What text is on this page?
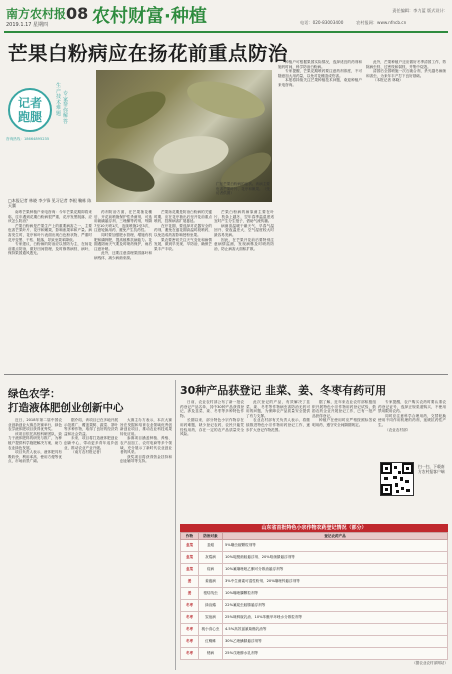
南方农村报
2019.1.17 星期四
08 农村财富·种植	责任编辑：李力蓝 版式设计：
电话：020-83003400	农村报网：www.nfncb.cn
芒果白粉病应在扬花前重点防治
记者
跑腿
生产技术难题
专家帮你解答
咨询热线：18664895235
广东芒果白粉病的症状。该病主要危害芒果叶片、花序和嫩果。（受访者供图）
□本报记者 林晓 李少锋 见习记者 李根 鞠栋 陈天翼

南粤芒果种植户来电咨询：今年芒果花期即将来临，往年遇到花期白粉病很严重，花序发黑脱落，应该怎么防治？

芒果白粉病是芒果生产上的重要病害之一，主要危害芒果叶片、花序和嫩果，影响座果率和产量。病害发生时，花序和叶片表面出现白色粉状物，严重时花序变黑、干枯、脱落，导致坐果率降低。

专家建议，白粉病的防治应以预防为主，在扬花前重点防治，做好田间管理，及时修剪病枝、病叶，保持果园通风透光。

药剂防治方面，在芒果抽花穗后、开花前喷施保护性杀菌剂，可选用硫磺悬浮剂、三唑酮等药剂，每隔7至10天喷1次，连续喷施2至3次，注意轮换用药，避免产生抗药性。

同时要加强肥水管理，增施有机肥和磷钾肥，提高植株抗病能力。花期遇阴雨天气要及时喷药保护，雨后注意补喷。

此外，还要注意清理果园落叶和病残体，减少病菌来源。

芒果扬花期是防治白粉病的关键时期，应在花序抽出后至开花前重点喷药，控制病害扩展蔓延。

在开花期，要选择对花器安全的药剂，避免在盛花期高温时段喷药，以免造成药害影响授粉坐果。

果农要密切关注天气变化和病情发展，做到早发现、早防治，确保芒果丰产丰收。

芒果白粉病的病原菌主要在叶片、枝条上越冬，翌年春季温湿度适宜时产生分生孢子，借助气流传播。

病菌喜温暖干燥天气，早春气温回升、昼夜温差大、空气湿度较大时最容易发病。

因此，在芒果开花前后要特别注意病情监测，发现病株及时喷药防治，防止病害大面积扩散。

种植户可根据果园实际情况，选择适宜的药剂和施药时间，科学防治白粉病。

专家提醒，芒果花期喷药要注意药剂浓度，不可随意加大用药量，以免对花穗造成伤害。

本报将持续关注芒果种植技术问题，欢迎种植户来电咨询。

此外，芒果种植户还应做好冬季清园工作，剪除病虫枝、过密枝和弱枝，并集中烧毁。

清园后全园喷施一次石硫合剂，杀灭越冬病菌和害虫，为来年丰产打下良好基础。

（本报记者 林晓）

绿色农学：
打造液体肥创业创新中心

近日，2018年第二届中国农业创新创业大赛总决赛举行，绿色农学液体肥项目获得优秀奖。

该项目依托高校科研团队，致力于液体肥料的研发与推广，为种植户提供科学施肥解决方案，助力农业绿色发展。

项目负责人表示，液体肥具有吸收快、利用率高、使用方便等优点，市场前景广阔。

据介绍，该项目已在多地开展示范推广，覆盖果树、蔬菜、茶叶等多种作物，取得了良好的经济效益和社会效益。

未来，项目将打造液体肥创业创新中心，带动更多青年返乡创业，推动农业产业升级。

（南方农村报记者）

大赛主办方表示，本次大赛旨在发掘和培育农业领域优秀创新创业项目，推动农业科技成果转化应用。

参赛项目涵盖种植、养殖、农产品加工、农村电商等多个领域，充分展示了新时代农业创业者的风采。

获奖项目将获得资金扶持和创业辅导等支持。

30种产品获登记 韭菜、姜、冬枣有药可用

日前，农业农村部公布了新一批农药登记产品名单，其中30种产品获得登记，涉及韭菜、姜、冬枣等多种特色作物。

长期以来，部分特色小宗作物存在用药难题，缺少登记农药，农民只能凭经验用药，存在一定的农产品质量安全风险。

此次登记的产品，有效解决了韭菜、姜、冬枣等作物病虫害防治无药可用的问题，为保障农产品质量安全提供了有力支撑。

农业农村部有关负责人表示，将继续推进特色小宗作物用药登记工作，逐步扩大登记作物范围。

据了解，近年来农业农村部积极组织开展特色小宗作物用药登记试验，鼓励农药企业开展登记工作，已有一批产品获得登记。

种植户在使用时应严格按照标签说明用药，遵守安全间隔期规定。

专家提醒，农户购买农药时要认准农药登记证号，选择正规渠道购买，不使用禁用限用农药。

同时应注意科学合理用药，交替轮换使用不同作用机理的药剂，延缓抗药性产生。

（农业农村部）

扫一扫，下载南方农村报客户端
山东省首批特色小宗作物农药登记情况（部分）
作物	防治对象	登记农药产品
韭菜	韭蛆	5%噻虫胺颗粒剂等
韭菜	灰霉病	10%啶酰菌胺悬浮剂、20%咯菌腈悬浮剂等
韭菜	疫病	10%氟噻唑吡乙酮可分散油悬浮剂等
姜	姜瘟病	3%中生菌素可湿性粉剂、20%噻唑锌悬浮剂等
姜	根结线虫	10%噻唑膦颗粒剂等
冬枣	绿盲蝽	22%氟啶虫胺腈悬浮剂等
冬枣	炭疽病	25%咪鲜胺乳油、10%苯醚甲环唑水分散粒剂等
冬枣	桃小食心虫	4.5%高效氯氰菊酯乳油等
冬枣	红蜘蛛	30%乙唑螨腈悬浮剂等
冬枣	锈病	25%戊唑醇水乳剂等
（据农业农村部网站）
